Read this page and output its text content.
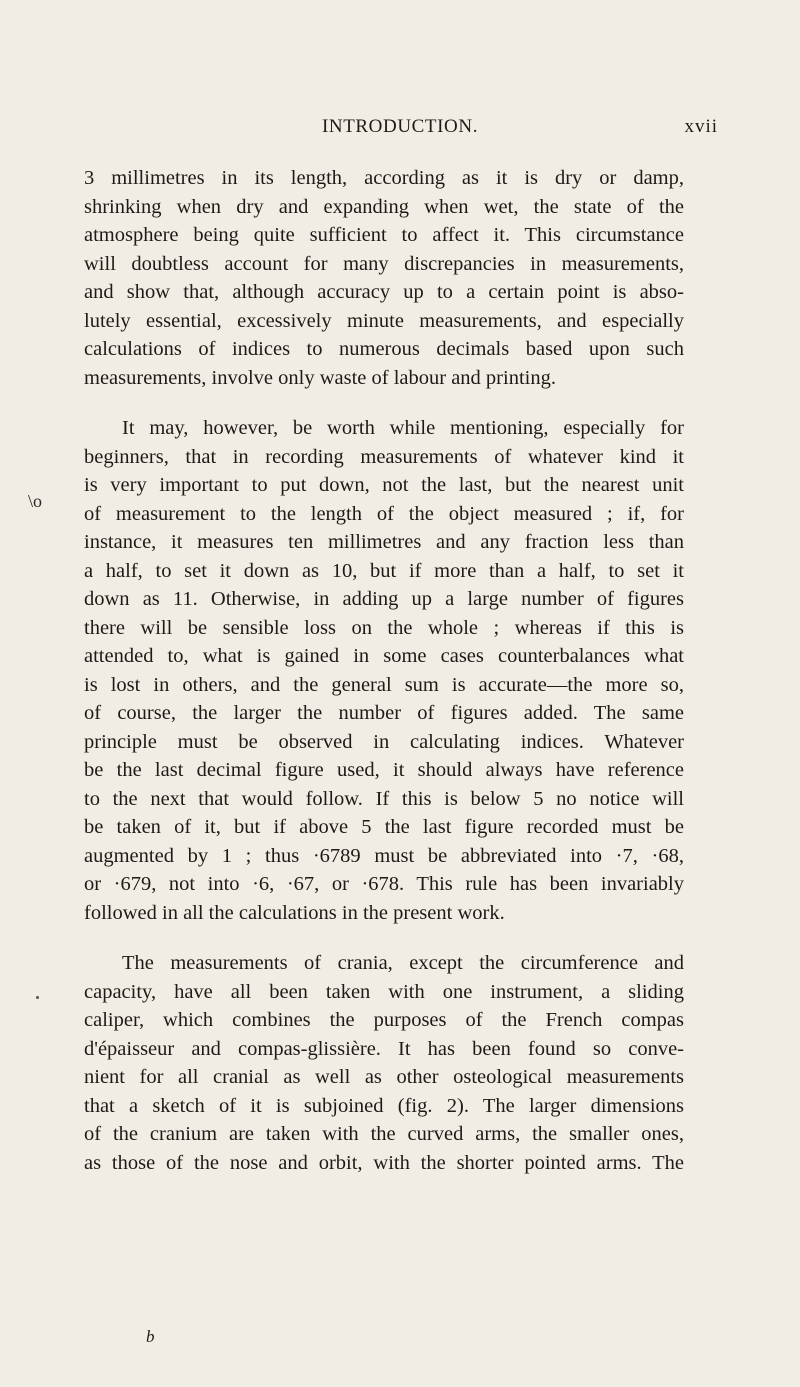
INTRODUCTION.	xvii
\o
3 millimetres in its length, according as it is dry or damp,
shrinking when dry and expanding when wet, the state of the
atmosphere being quite sufficient to affect it. This circumstance
will doubtless account for many discrepancies in measurements,
and show that, although accuracy up to a certain point is abso-
lutely essential, excessively minute measurements, and especially
calculations of indices to numerous decimals based upon such
measurements, involve only waste of labour and printing.
It may, however, be worth while mentioning, especially for
beginners, that in recording measurements of whatever kind it
is very important to put down, not the last, but the nearest unit
of measurement to the length of the object measured ; if, for
instance, it measures ten millimetres and any fraction less than
a half, to set it down as 10, but if more than a half, to set it
down as 11. Otherwise, in adding up a large number of figures
there will be sensible loss on the whole ; whereas if this is
attended to, what is gained in some cases counterbalances what
is lost in others, and the general sum is accurate—the more so,
of course, the larger the number of figures added. The same
principle must be observed in calculating indices. Whatever
be the last decimal figure used, it should always have reference
to the next that would follow. If this is below 5 no notice will
be taken of it, but if above 5 the last figure recorded must be
augmented by 1 ; thus ·6789 must be abbreviated into ·7, ·68,
or ·679, not into ·6, ·67, or ·678. This rule has been invariably
followed in all the calculations in the present work.
The measurements of crania, except the circumference and
capacity, have all been taken with one instrument, a sliding
caliper, which combines the purposes of the French compas
d'épaisseur and compas-glissière. It has been found so conve-
nient for all cranial as well as other osteological measurements
that a sketch of it is subjoined (fig. 2). The larger dimensions
of the cranium are taken with the curved arms, the smaller ones,
as those of the nose and orbit, with the shorter pointed arms. The
b
